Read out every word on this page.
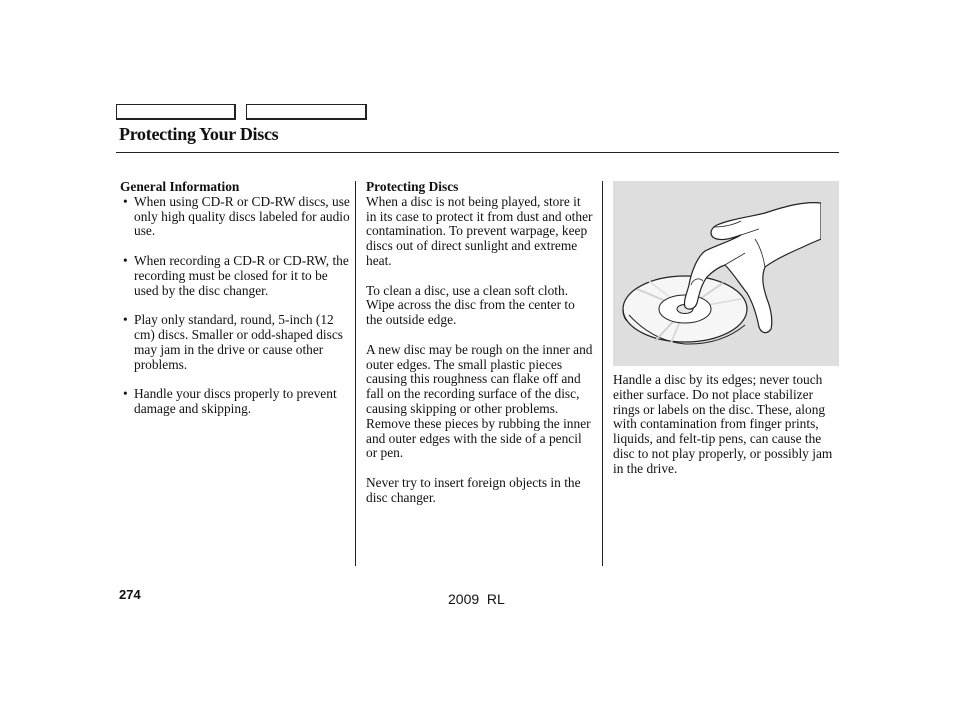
Protecting Your Discs
General Information
• When using CD-R or CD-RW discs, use only high quality discs labeled for audio use.
• When recording a CD-R or CD-RW, the recording must be closed for it to be used by the disc changer.
• Play only standard, round, 5-inch (12 cm) discs. Smaller or odd-shaped discs may jam in the drive or cause other problems.
• Handle your discs properly to prevent damage and skipping.
Protecting Discs

When a disc is not being played, store it in its case to protect it from dust and other contamination. To prevent warpage, keep discs out of direct sunlight and extreme heat.

To clean a disc, use a clean soft cloth. Wipe across the disc from the center to the outside edge.

A new disc may be rough on the inner and outer edges. The small plastic pieces causing this roughness can flake off and fall on the recording surface of the disc, causing skipping or other problems. Remove these pieces by rubbing the inner and outer edges with the side of a pencil or pen.

Never try to insert foreign objects in the disc changer.

Handle a disc by its edges; never touch either surface. Do not place stabilizer rings or labels on the disc. These, along with contamination from finger prints, liquids, and felt-tip pens, can cause the disc to not play properly, or possibly jam in the drive.

274	2009  RL
